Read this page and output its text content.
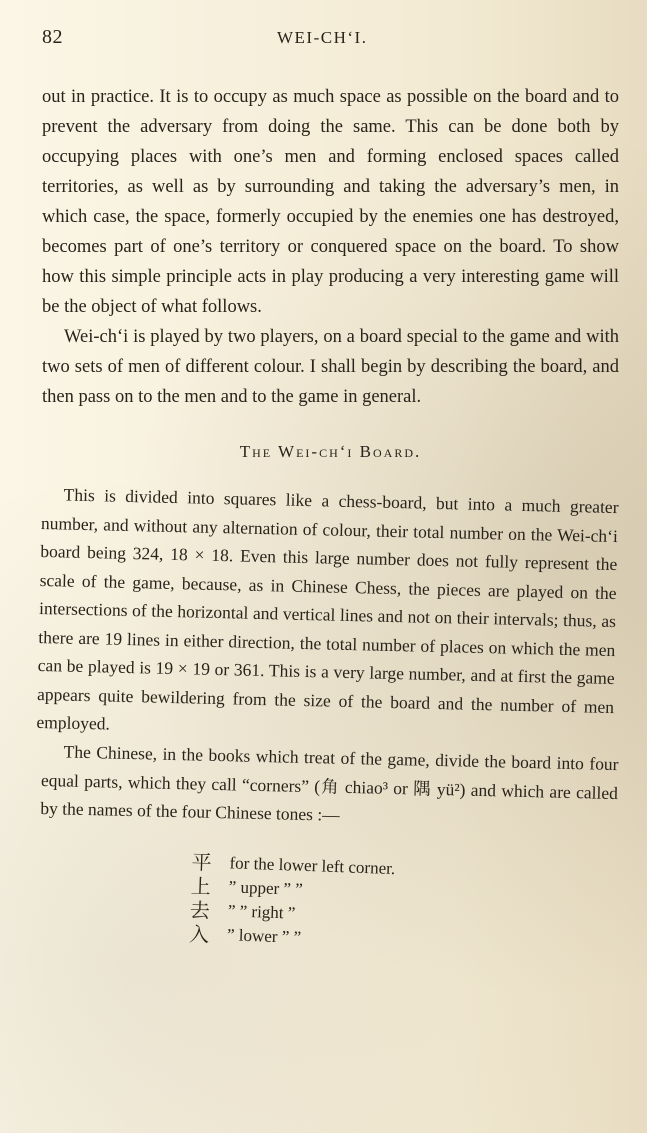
82	WEI-CH‘I.

out in practice. It is to occupy as much space as possible on the board and to prevent the adversary from doing the same. This can be done both by occupying places with one’s men and forming enclosed spaces called territories, as well as by surrounding and taking the adversary’s men, in which case, the space, formerly occupied by the enemies one has destroyed, becomes part of one’s territory or conquered space on the board. To show how this simple principle acts in play producing a very interesting game will be the object of what follows.

Wei-ch‘i is played by two players, on a board special to the game and with two sets of men of different colour. I shall begin by describing the board, and then pass on to the men and to the game in general.

The Wei-ch‘i Board.

This is divided into squares like a chess-board, but into a much greater number, and without any alternation of colour, their total number on the Wei-ch‘i board being 324, 18 × 18. Even this large number does not fully represent the scale of the game, because, as in Chinese Chess, the pieces are played on the intersections of the horizontal and vertical lines and not on their intervals; thus, as there are 19 lines in either direction, the total number of places on which the men can be played is 19 × 19 or 361. This is a very large number, and at first the game appears quite bewildering from the size of the board and the number of men employed.

The Chinese, in the books which treat of the game, divide the board into four equal parts, which they call “corners” (角 chiao³ or 隅 yü²) and which are called by the names of the four Chinese tones :—

平 for the lower left corner.
上 ” upper ” ”
去 ” ” right ”
入 ” lower ” ”
